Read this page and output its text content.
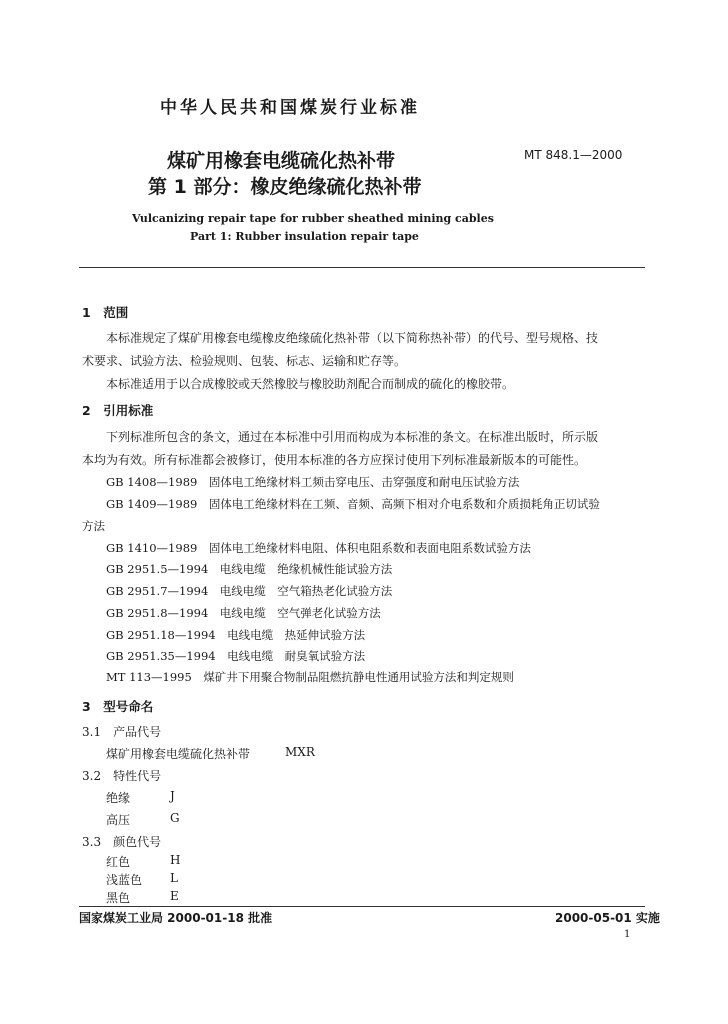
中华人民共和国煤炭行业标准
煤矿用橡套电缆硫化热补带
第 1 部分：橡皮绝缘硫化热补带
MT 848.1—2000
Vulcanizing repair tape for rubber sheathed mining cables
Part 1: Rubber insulation repair tape
1　范围
本标准规定了煤矿用橡套电缆橡皮绝缘硫化热补带（以下简称热补带）的代号、型号规格、技
术要求、试验方法、检验规则、包装、标志、运输和贮存等。
本标准适用于以合成橡胶或天然橡胶与橡胶助剂配合而制成的硫化的橡胶带。
2　引用标准
下列标准所包含的条文，通过在本标准中引用而构成为本标准的条文。在标准出版时，所示版
本均为有效。所有标准都会被修订，使用本标准的各方应探讨使用下列标准最新版本的可能性。
GB 1408—1989　固体电工绝缘材料工频击穿电压、击穿强度和耐电压试验方法
GB 1409—1989　固体电工绝缘材料在工频、音频、高频下相对介电系数和介质损耗角正切试验
方法
GB 1410—1989　固体电工绝缘材料电阻、体积电阻系数和表面电阻系数试验方法
GB 2951.5—1994　电线电缆　绝缘机械性能试验方法
GB 2951.7—1994　电线电缆　空气箱热老化试验方法
GB 2951.8—1994　电线电缆　空气弹老化试验方法
GB 2951.18—1994　电线电缆　热延伸试验方法
GB 2951.35—1994　电线电缆　耐臭氧试验方法
MT 113—1995　煤矿井下用聚合物制品阻燃抗静电性通用试验方法和判定规则
3　型号命名
3.1　产品代号
煤矿用橡套电缆硫化热补带	MXR
3.2　特性代号
绝缘	J
高压	G
3.3　颜色代号
红色	H
浅蓝色 L
黑色	E
国家煤炭工业局 2000-01-18 批准	2000-05-01 实施
1
